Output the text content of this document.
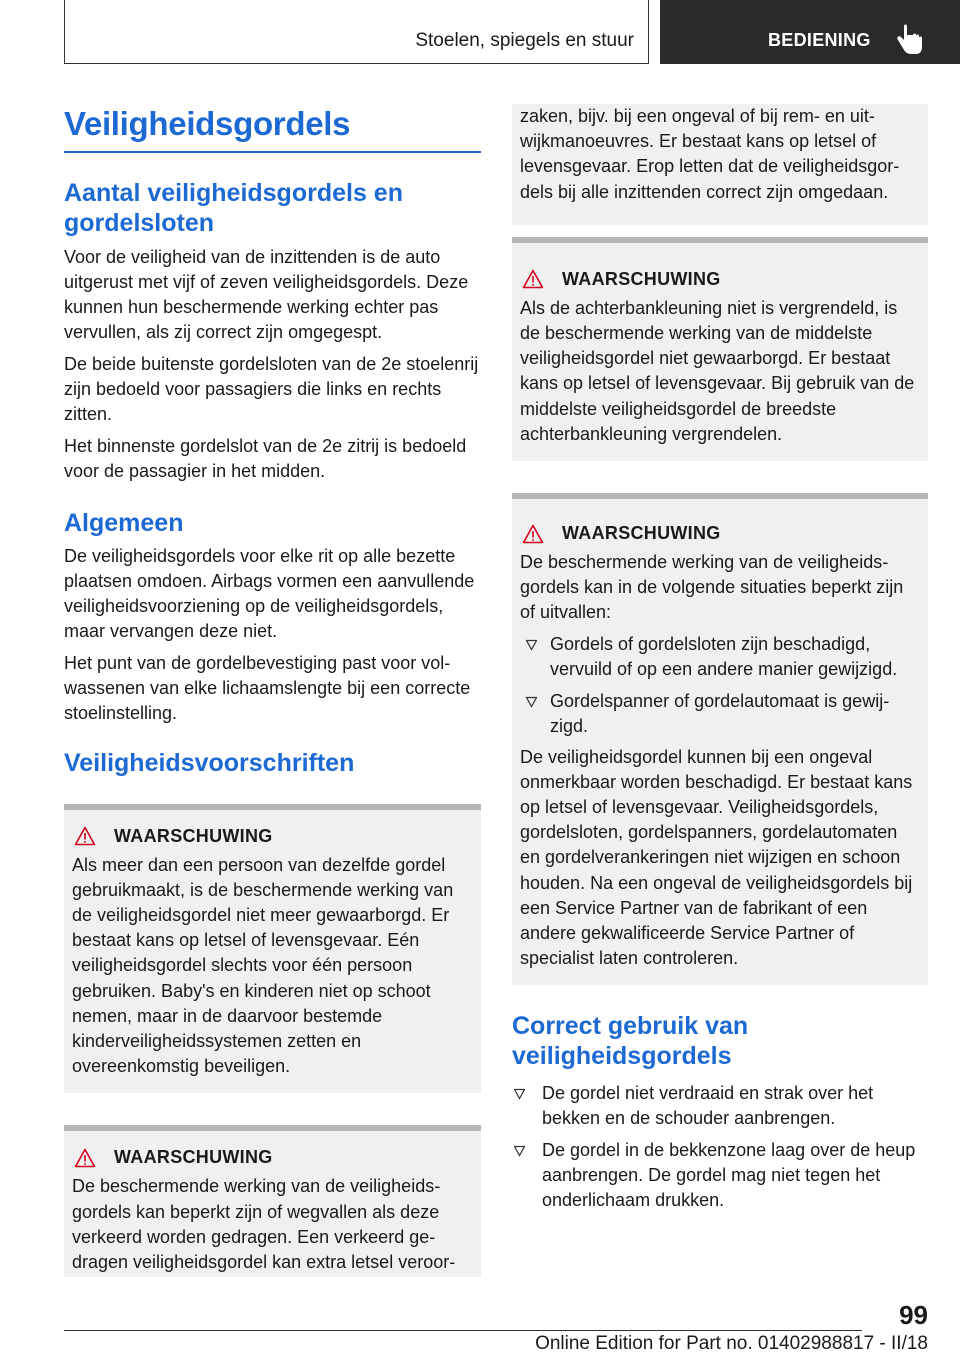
Stoelen, spiegels en stuur	BEDIENING
Veiligheidsgordels
Aantal veiligheidsgordels en gordelsloten

Voor de veiligheid van de inzittenden is de auto uitgerust met vijf of zeven veiligheidsgordels. Deze kunnen hun beschermende werking echter pas vervullen, als zij correct zijn omgegespt.

De beide buitenste gordelsloten van de 2e stoelenrij zijn bedoeld voor passagiers die links en rechts zitten.

Het binnenste gordelslot van de 2e zitrij is bedoeld voor de passagier in het midden.

Algemeen

De veiligheidsgordels voor elke rit op alle bezette plaatsen omdoen. Airbags vormen een aanvullende veiligheidsvoorziening op de veiligheidsgordels, maar vervangen deze niet.

Het punt van de gordelbevestiging past voor volwassenen van elke lichaamslengte bij een correcte stoelinstelling.

Veiligheidsvoorschriften
WAARSCHUWING

Als meer dan een persoon van dezelfde gordel gebruikmaakt, is de beschermende werking van de veiligheidsgordel niet meer gewaarborgd. Er bestaat kans op letsel of levensgevaar. Eén veiligheidsgordel slechts voor één persoon gebruiken. Baby's en kinderen niet op schoot nemen, maar in de daarvoor bestemde kinderveiligheidssystemen zetten en overeenkomstig beveiligen.

WAARSCHUWING

De beschermende werking van de veiligheidsgordels kan beperkt zijn of wegvallen als deze verkeerd worden gedragen. Een verkeerd gedragen veiligheidsgordel kan extra letsel veroor-

zaken, bijv. bij een ongeval of bij rem- en uitwijkmanoeuvres. Er bestaat kans op letsel of levensgevaar. Erop letten dat de veiligheidsgordels bij alle inzittenden correct zijn omgedaan.

WAARSCHUWING

Als de achterbankleuning niet is vergrendeld, is de beschermende werking van de middelste veiligheidsgordel niet gewaarborgd. Er bestaat kans op letsel of levensgevaar. Bij gebruik van de middelste veiligheidsgordel de breedste achterbankleuning vergrendelen.

WAARSCHUWING

De beschermende werking van de veiligheidsgordels kan in de volgende situaties beperkt zijn of uitvallen:

Gordels of gordelsloten zijn beschadigd, vervuild of op een andere manier gewijzigd.
Gordelspanner of gordelautomaat is gewijzigd.

De veiligheidsgordel kunnen bij een ongeval onmerkbaar worden beschadigd. Er bestaat kans op letsel of levensgevaar. Veiligheidsgordels, gordelsloten, gordelspanners, gordelautomaten en gordelverankeringen niet wijzigen en schoon houden. Na een ongeval de veiligheidsgordels bij een Service Partner van de fabrikant of een andere gekwalificeerde Service Partner of specialist laten controleren.

Correct gebruik van veiligheidsgordels
De gordel niet verdraaid en strak over het bekken en de schouder aanbrengen.
De gordel in de bekkenzone laag over de heup aanbrengen. De gordel mag niet tegen het onderlichaam drukken.
99
Online Edition for Part no. 01402988817 - II/18
